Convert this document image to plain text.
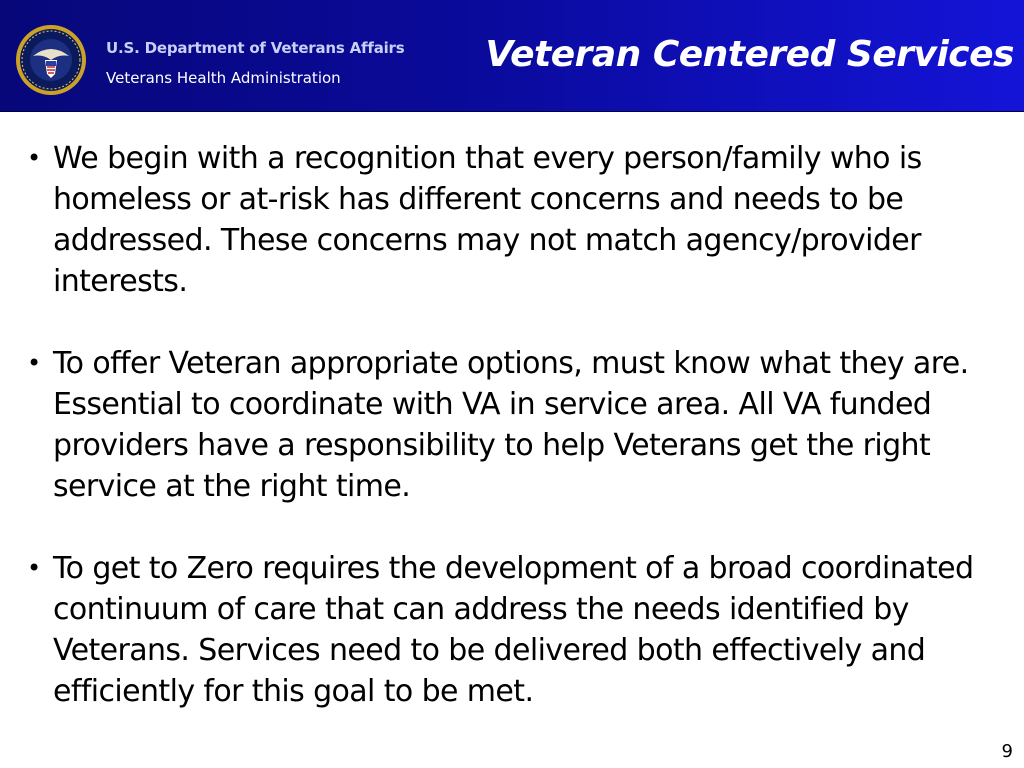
U.S. Department of Veterans Affairs
Veterans Health Administration
Veteran Centered Services
• We begin with a recognition that every person/family who is homeless or at-risk has different concerns and needs to be addressed. These concerns may not match agency/provider interests.
• To offer Veteran appropriate options, must know what they are. Essential to coordinate with VA in service area. All VA funded providers have a responsibility to help Veterans get the right service at the right time.
• To get to Zero requires the development of a broad coordinated continuum of care that can address the needs identified by Veterans. Services need to be delivered both effectively and efficiently for this goal to be met.
9
